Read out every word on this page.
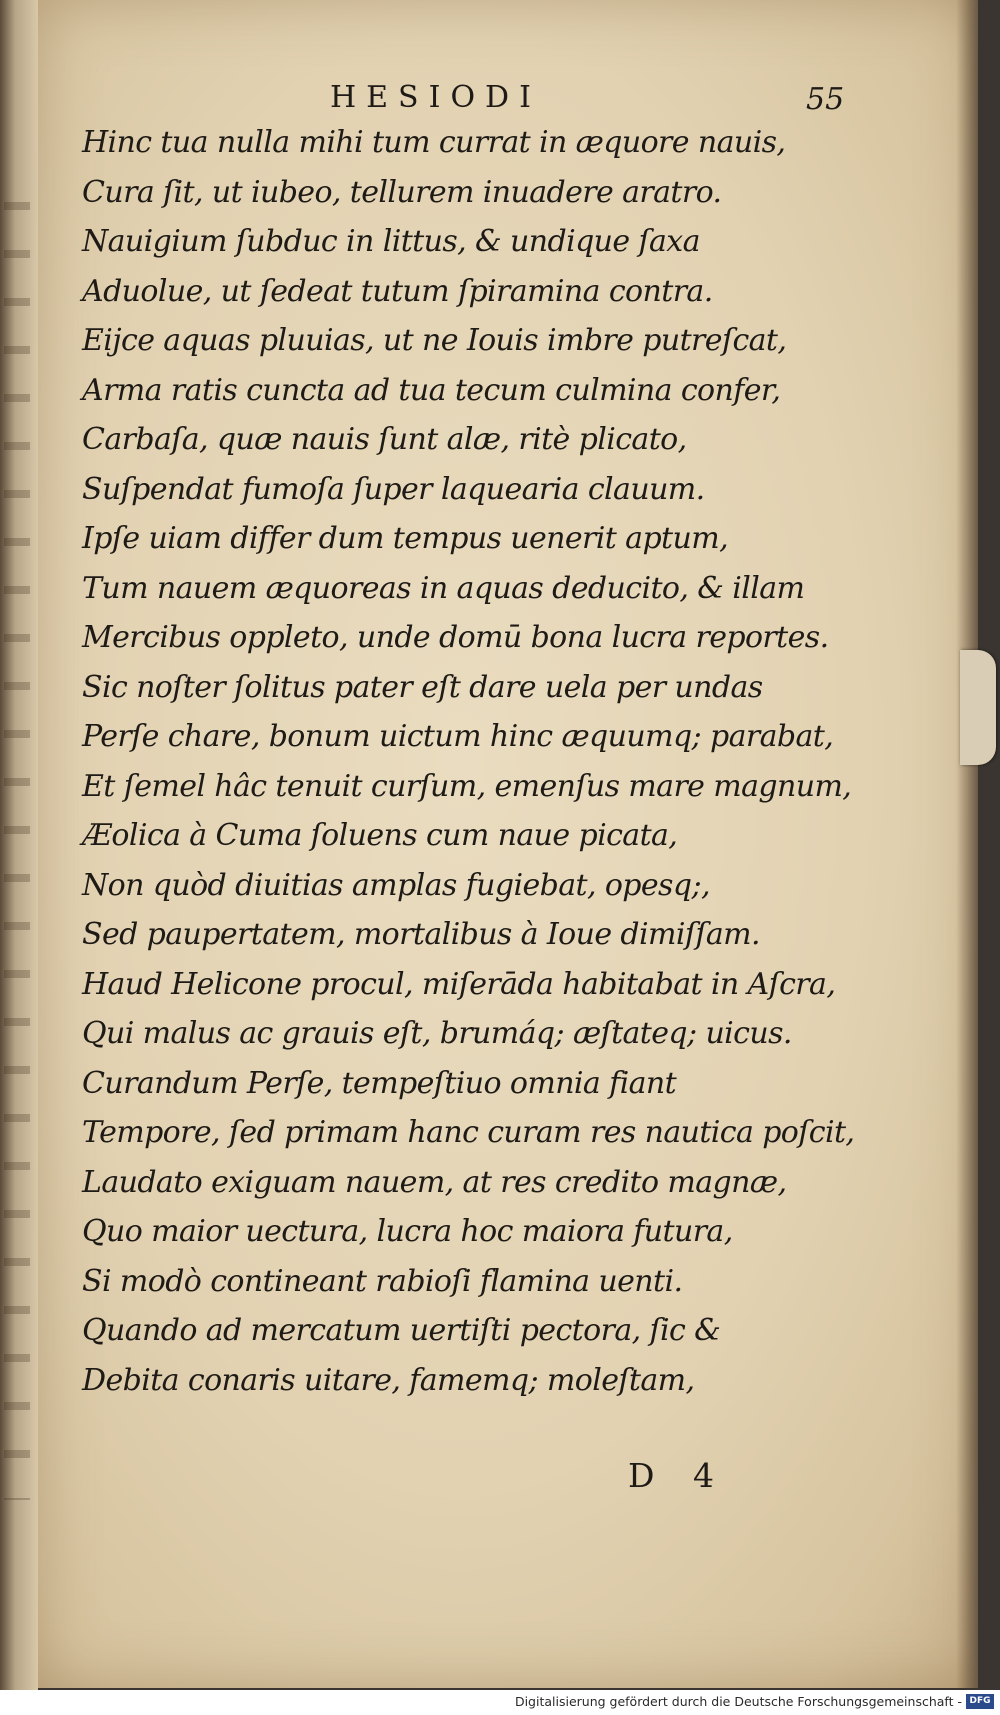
HESIODI	55
Hinc tua nulla mihi tum currat in æquore nauis,
Cura ſit, ut iubeo, tellurem inuadere aratro.
Nauigium ſubduc in littus, & undique ſaxa
Aduolue, ut ſedeat tutum ſpiramina contra.
Eijce aquas pluuias, ut ne Iouis imbre putreſcat,
Arma ratis cuncta ad tua tecum culmina confer,
Carbaſa, quæ nauis ſunt alæ, ritè plicato,
Suſpendat fumoſa ſuper laquearia clauum.
Ipſe uiam differ dum tempus uenerit aptum,
Tum nauem æquoreas in aquas deducito, & illam
Mercibus oppleto, unde domū bona lucra reportes.
Sic noſter ſolitus pater eſt dare uela per undas
Perſe chare, bonum uictum hinc æquumq; parabat,
Et ſemel hâc tenuit curſum, emenſus mare magnum,
Æolica à Cuma ſoluens cum naue picata,
Non quòd diuitias amplas fugiebat, opesq;,
Sed paupertatem, mortalibus à Ioue dimiſſam.
Haud Helicone procul, miſerāda habitabat in Aſcra,
Qui malus ac grauis eſt, brumáq; æſtateq; uicus.
Curandum Perſe, tempeſtiuo omnia fiant
Tempore, ſed primam hanc curam res nautica poſcit,
Laudato exiguam nauem, at res credito magnæ,
Quo maior uectura, lucra hoc maiora futura,
Si modò contineant rabioſi flamina uenti.
Quando ad mercatum uertiſti pectora, ſic &
Debita conaris uitare, famemq; moleſtam,
D 4
Digitalisierung gefördert durch die Deutsche Forschungsgemeinschaft - DFG
